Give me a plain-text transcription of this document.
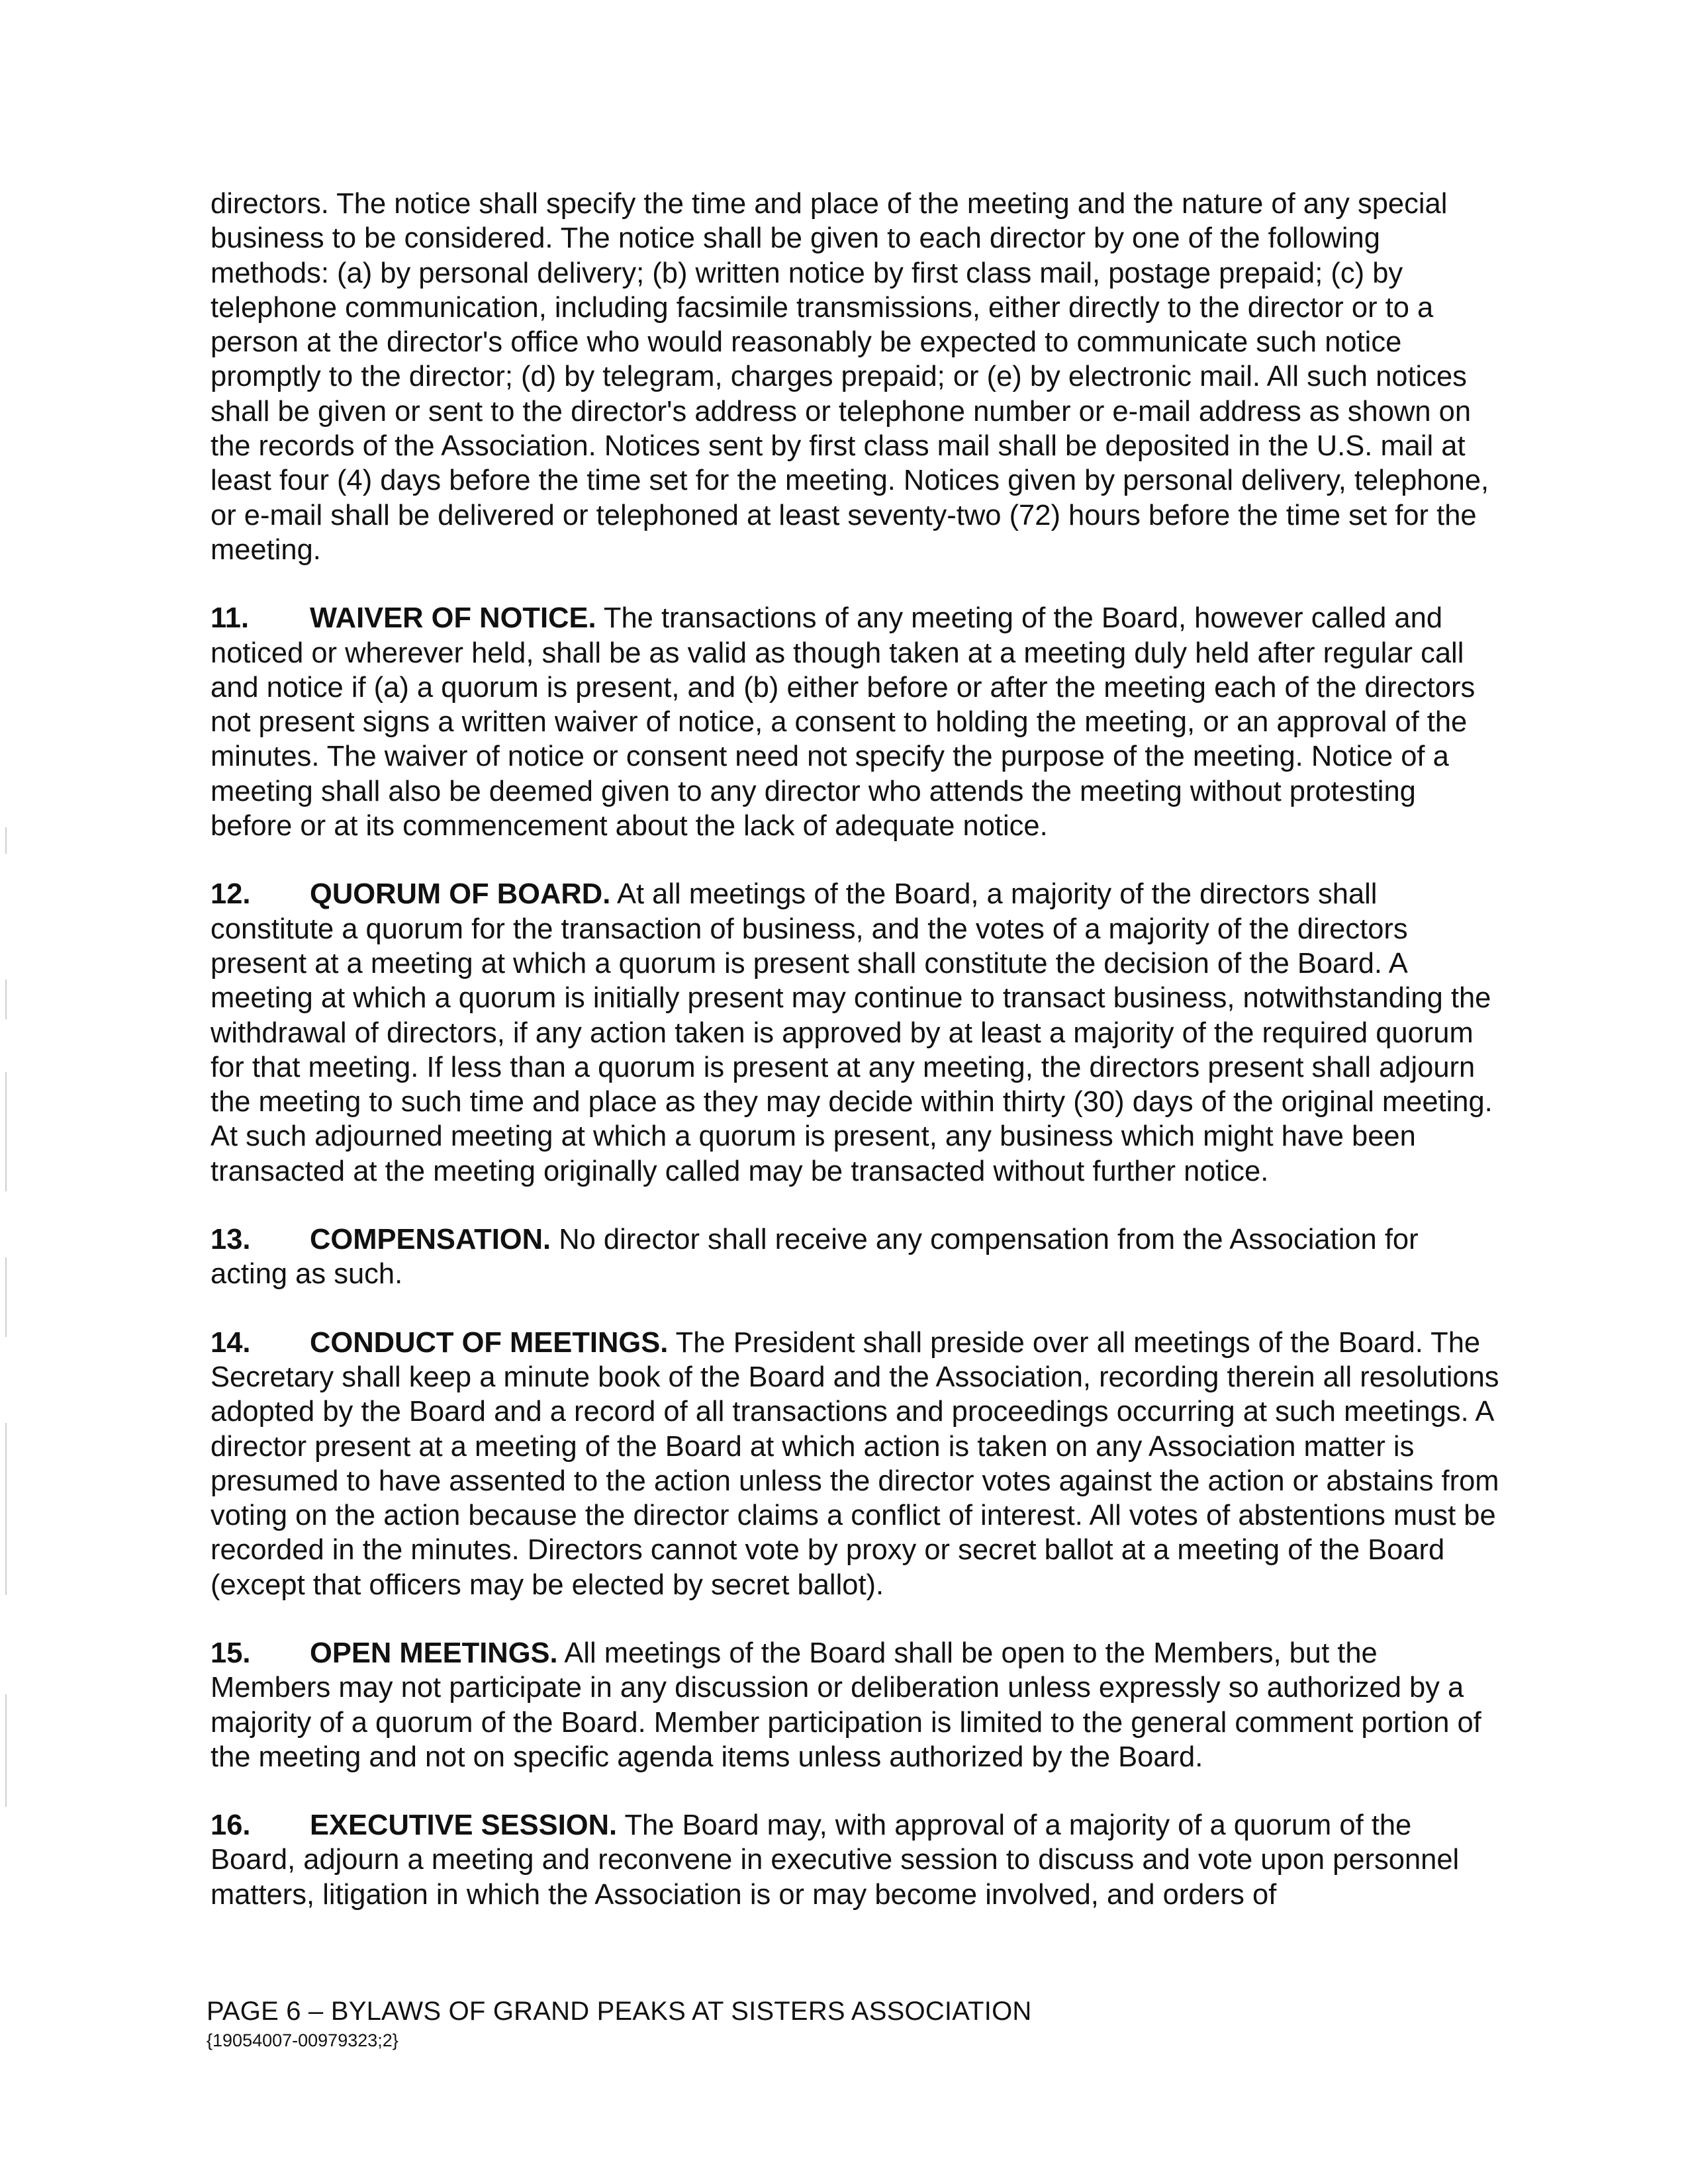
directors. The notice shall specify the time and place of the meeting and the nature of any special business to be considered. The notice shall be given to each director by one of the following methods: (a) by personal delivery; (b) written notice by first class mail, postage prepaid; (c) by telephone communication, including facsimile transmissions, either directly to the director or to a person at the director's office who would reasonably be expected to communicate such notice promptly to the director; (d) by telegram, charges prepaid; or (e) by electronic mail. All such notices shall be given or sent to the director's address or telephone number or e-mail address as shown on the records of the Association. Notices sent by first class mail shall be deposited in the U.S. mail at least four (4) days before the time set for the meeting. Notices given by personal delivery, telephone, or e-mail shall be delivered or telephoned at least seventy-two (72) hours before the time set for the meeting.

11. WAIVER OF NOTICE. The transactions of any meeting of the Board, however called and noticed or wherever held, shall be as valid as though taken at a meeting duly held after regular call and notice if (a) a quorum is present, and (b) either before or after the meeting each of the directors not present signs a written waiver of notice, a consent to holding the meeting, or an approval of the minutes. The waiver of notice or consent need not specify the purpose of the meeting. Notice of a meeting shall also be deemed given to any director who attends the meeting without protesting before or at its commencement about the lack of adequate notice.

12. QUORUM OF BOARD. At all meetings of the Board, a majority of the directors shall constitute a quorum for the transaction of business, and the votes of a majority of the directors present at a meeting at which a quorum is present shall constitute the decision of the Board. A meeting at which a quorum is initially present may continue to transact business, notwithstanding the withdrawal of directors, if any action taken is approved by at least a majority of the required quorum for that meeting. If less than a quorum is present at any meeting, the directors present shall adjourn the meeting to such time and place as they may decide within thirty (30) days of the original meeting. At such adjourned meeting at which a quorum is present, any business which might have been transacted at the meeting originally called may be transacted without further notice.

13. COMPENSATION. No director shall receive any compensation from the Association for acting as such.

14. CONDUCT OF MEETINGS. The President shall preside over all meetings of the Board. The Secretary shall keep a minute book of the Board and the Association, recording therein all resolutions adopted by the Board and a record of all transactions and proceedings occurring at such meetings. A director present at a meeting of the Board at which action is taken on any Association matter is presumed to have assented to the action unless the director votes against the action or abstains from voting on the action because the director claims a conflict of interest. All votes of abstentions must be recorded in the minutes. Directors cannot vote by proxy or secret ballot at a meeting of the Board (except that officers may be elected by secret ballot).

15. OPEN MEETINGS. All meetings of the Board shall be open to the Members, but the Members may not participate in any discussion or deliberation unless expressly so authorized by a majority of a quorum of the Board. Member participation is limited to the general comment portion of the meeting and not on specific agenda items unless authorized by the Board.

16. EXECUTIVE SESSION. The Board may, with approval of a majority of a quorum of the Board, adjourn a meeting and reconvene in executive session to discuss and vote upon personnel matters, litigation in which the Association is or may become involved, and orders of

PAGE 6 – BYLAWS OF GRAND PEAKS AT SISTERS ASSOCIATION
{19054007-00979323;2}
